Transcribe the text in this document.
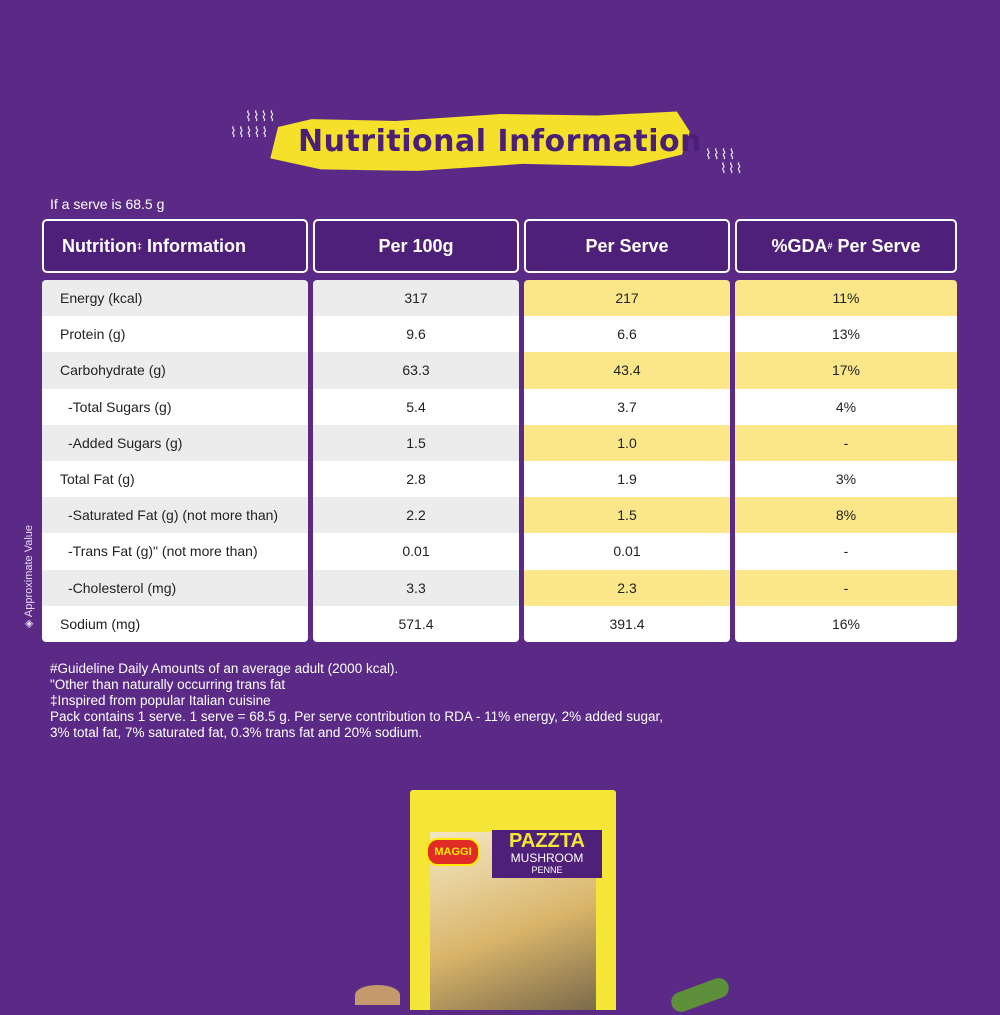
⌇⌇⌇⌇
⌇⌇⌇⌇⌇
⌇⌇⌇⌇
⌇⌇⌇
Nutritional Information
If a serve is 68.5 g
Nutrition ‡ Information
Energy (kcal)
Protein (g)
Carbohydrate (g)
-Total Sugars (g)
-Added Sugars (g)
Total Fat (g)
-Saturated Fat (g) (not more than)
-Trans Fat (g)" (not more than)
-Cholesterol (mg)
Sodium (mg)
Per 100g
317
9.6
63.3
5.4
1.5
2.8
2.2
0.01
3.3
571.4
Per Serve
217
6.6
43.4
3.7
1.0
1.9
1.5
0.01
2.3
391.4
%GDA # Per Serve
11%
13%
17%
4%
-
3%
8%
-
-
16%
◈ Approximate Value
#Guideline Daily Amounts of an average adult (2000 kcal).
"Other than naturally occurring trans fat
‡Inspired from popular Italian cuisine
Pack contains 1 serve. 1 serve = 68.5 g. Per serve contribution to RDA - 11% energy, 2% added sugar,
3% total fat, 7% saturated fat, 0.3% trans fat and 20% sodium.
MAGGI	PAZZTA
MUSHROOM
PENNE
